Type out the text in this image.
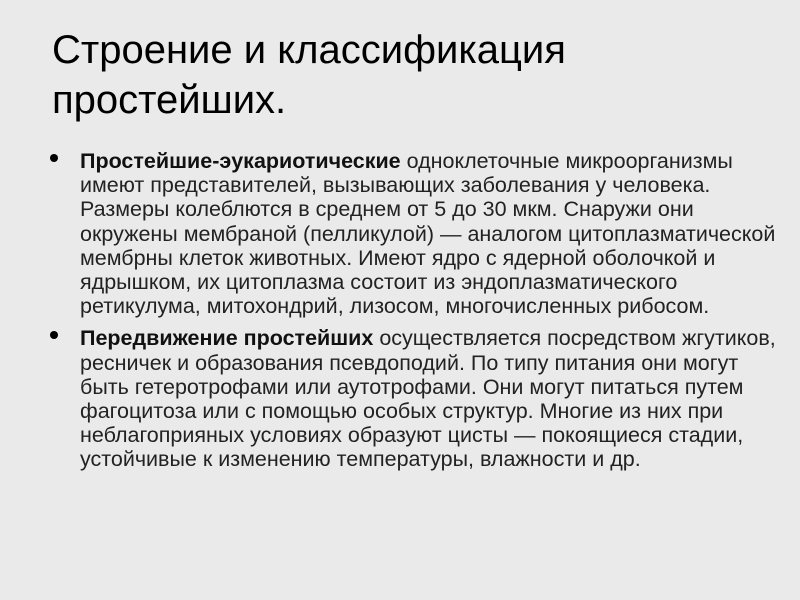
Строение и классификация простейших.
Простейшие-эукариотические одноклеточные микроорганизмы имеют представителей, вызывающих заболевания у человека. Размеры колеблются в среднем от 5 до 30 мкм. Снаружи они окружены мембраной (пелликулой) — аналогом цитоплазматической мембрны клеток животных. Имеют ядро с ядерной оболочкой и ядрышком, их цитоплазма состоит из эндоплазматического ретикулума, митохондрий, лизосом, многочисленных рибосом.
Передвижение простейших осуществляется посредством жгутиков, ресничек и образования псевдоподий. По типу питания они могут быть гетеротрофами или аутотрофами. Они могут питаться путем фагоцитоза или с помощью особых структур. Многие из них при неблагоприяных условиях образуют цисты — покоящиеся стадии, устойчивые к изменению температуры, влажности и др.
